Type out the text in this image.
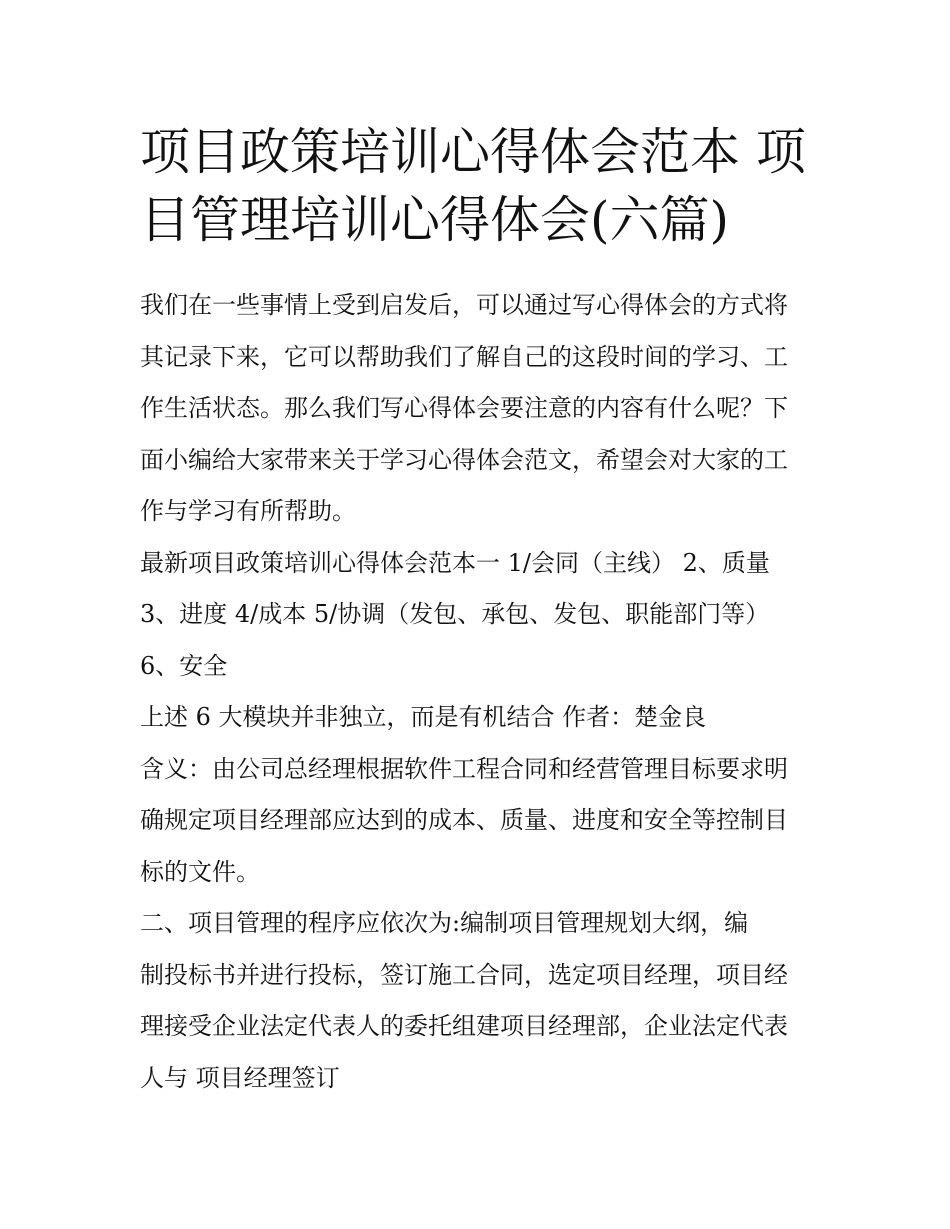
项目政策培训心得体会范本 项
目管理培训心得体会(六篇)
我们在一些事情上受到启发后，可以通过写心得体会的方式将
其记录下来，它可以帮助我们了解自己的这段时间的学习、工
作生活状态。那么我们写心得体会要注意的内容有什么呢？下
面小编给大家带来关于学习心得体会范文，希望会对大家的工
作与学习有所帮助。
最新项目政策培训心得体会范本一 1/会同（主线） 2、质量
3、进度 4/成本 5/协调（发包、承包、发包、职能部门等）
6、安全
上述 6 大模块并非独立，而是有机结合 作者：楚金良
含义：由公司总经理根据软件工程合同和经营管理目标要求明
确规定项目经理部应达到的成本、质量、进度和安全等控制目
标的文件。
二、项目管理的程序应依次为:编制项目管理规划大纲，编
制投标书并进行投标，签订施工合同，选定项目经理，项目经
理接受企业法定代表人的委托组建项目经理部，企业法定代表
人与 项目经理签订
